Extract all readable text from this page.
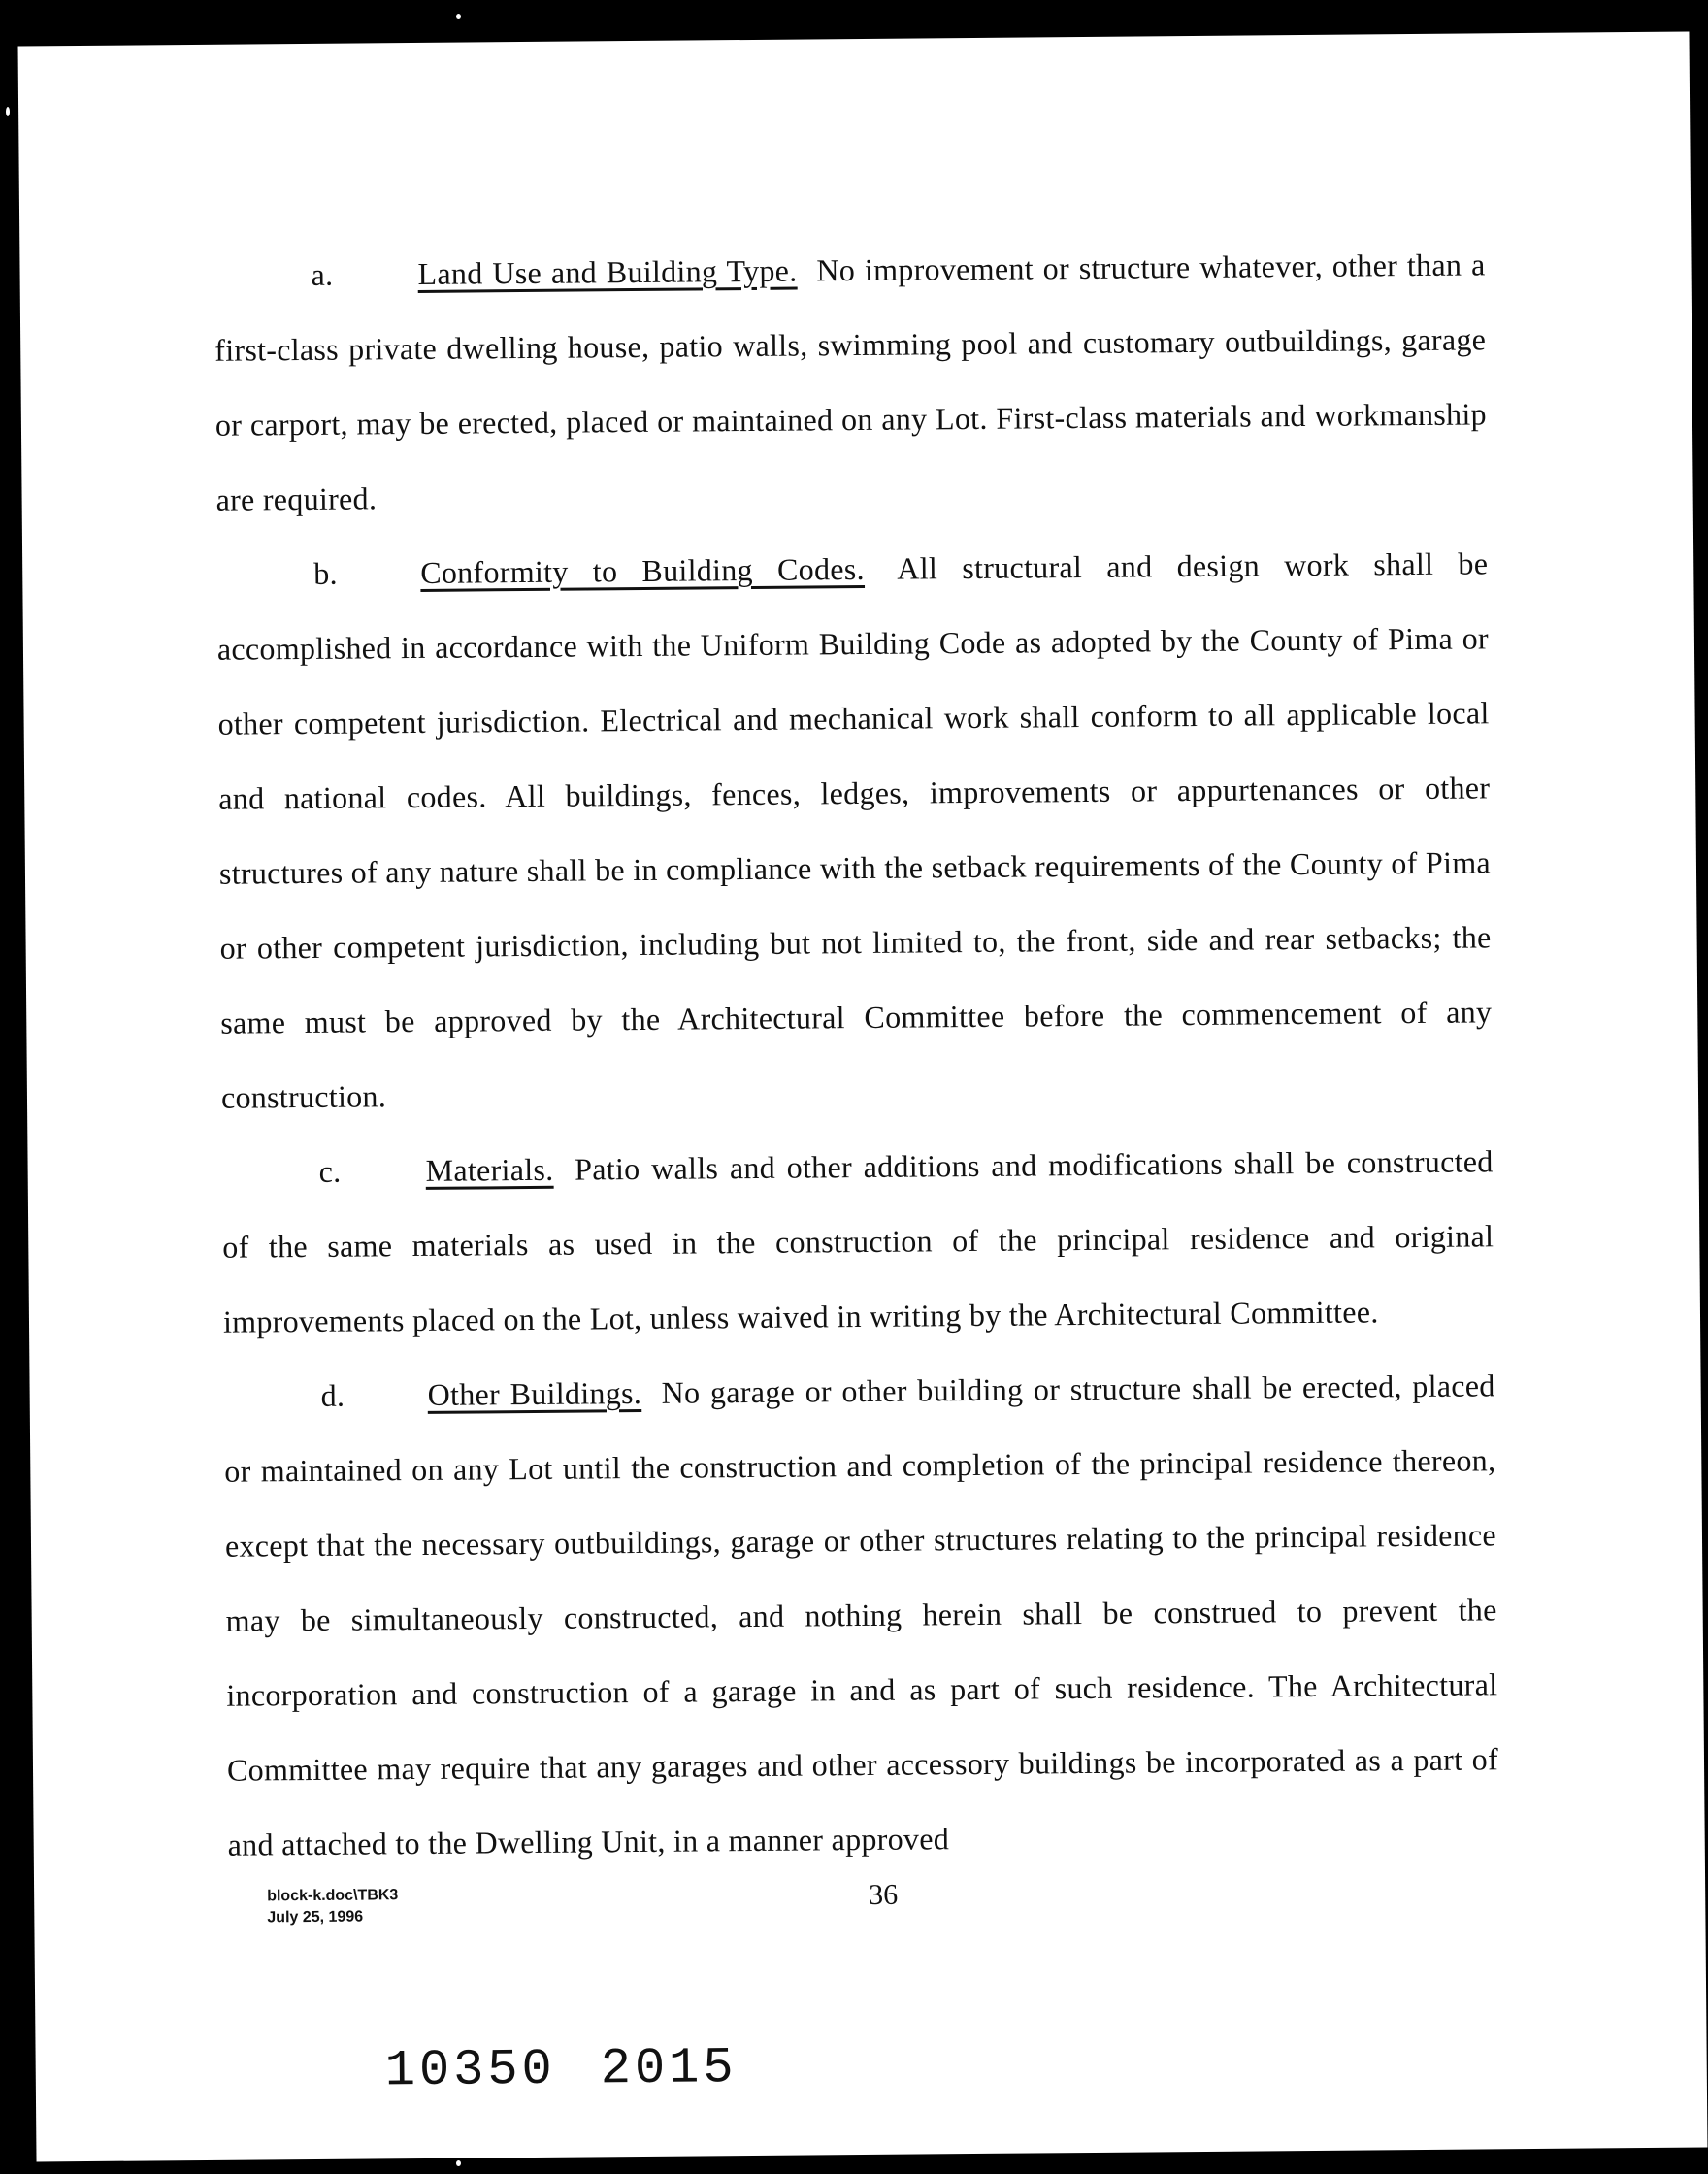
a.	Land Use and Building Type. No improvement or structure whatever, other than a first-class private dwelling house, patio walls, swimming pool and customary outbuildings, garage or carport, may be erected, placed or maintained on any Lot. First-class materials and workmanship are required.

b.	Conformity to Building Codes. All structural and design work shall be accomplished in accordance with the Uniform Building Code as adopted by the County of Pima or other competent jurisdiction. Electrical and mechanical work shall conform to all applicable local and national codes. All buildings, fences, ledges, improvements or appurtenances or other structures of any nature shall be in compliance with the setback requirements of the County of Pima or other competent jurisdiction, including but not limited to, the front, side and rear setbacks; the same must be approved by the Architectural Committee before the commencement of any construction.

c.	Materials. Patio walls and other additions and modifications shall be constructed of the same materials as used in the construction of the principal residence and original improvements placed on the Lot, unless waived in writing by the Architectural Committee.

d.	Other Buildings. No garage or other building or structure shall be erected, placed or maintained on any Lot until the construction and completion of the principal residence thereon, except that the necessary outbuildings, garage or other structures relating to the principal residence may be simultaneously constructed, and nothing herein shall be construed to prevent the incorporation and construction of a garage in and as part of such residence. The Architectural Committee may require that any garages and other accessory buildings be incorporated as a part of and attached to the Dwelling Unit, in a manner approved

block-k.doc\TBK3
July 25, 1996
36
10350 2015
